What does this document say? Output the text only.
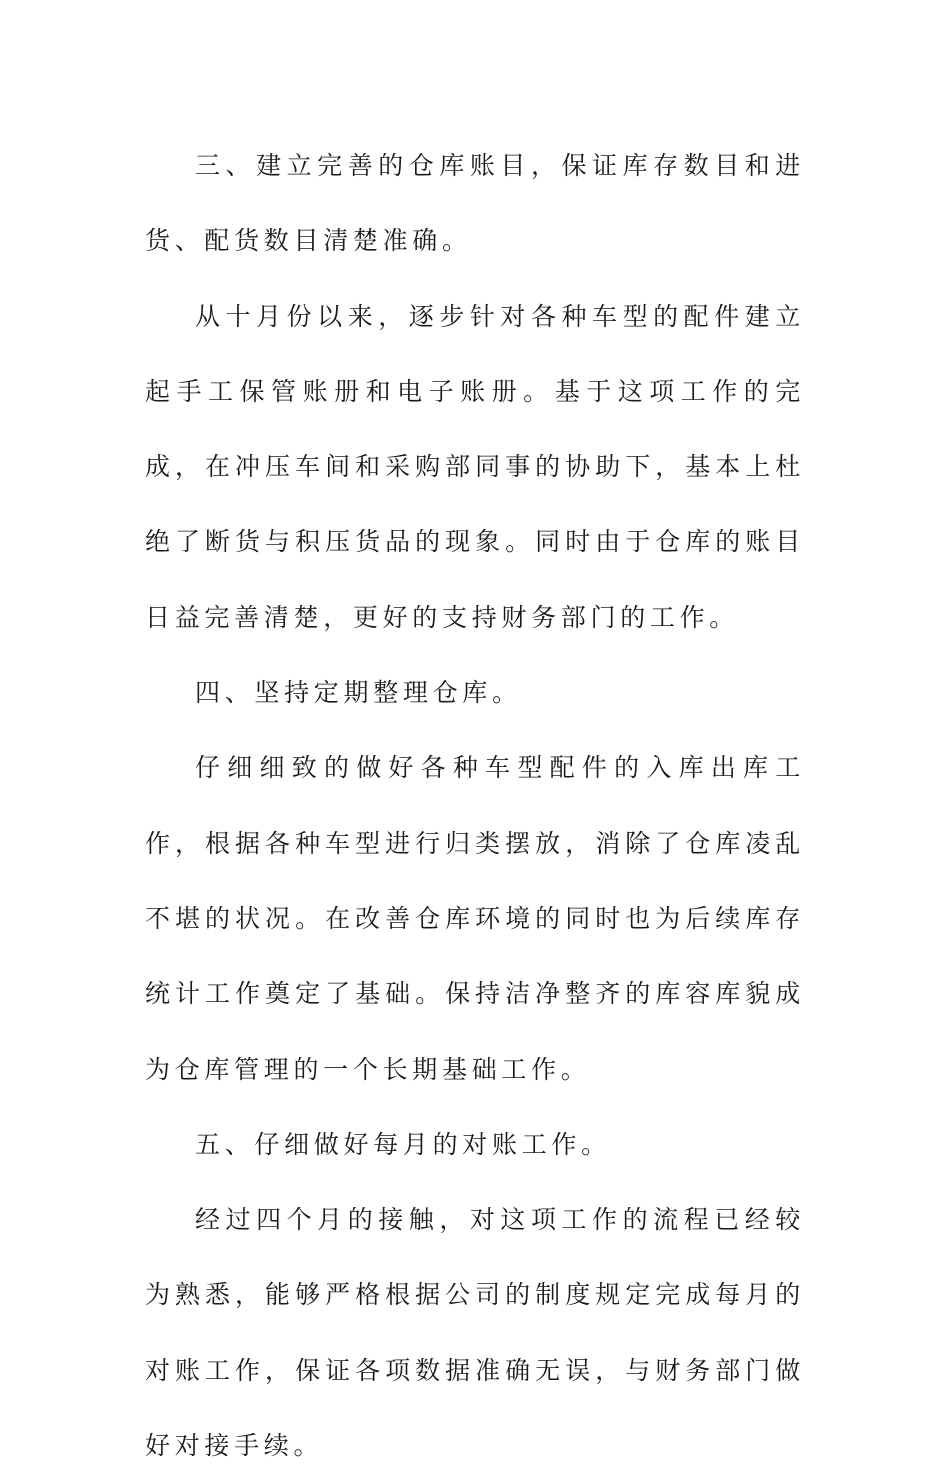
三、建立完善的仓库账目，保证库存数目和进货、配货数目清楚准确。

从十月份以来，逐步针对各种车型的配件建立起手工保管账册和电子账册。基于这项工作的完成，在冲压车间和采购部同事的协助下，基本上杜绝了断货与积压货品的现象。同时由于仓库的账目日益完善清楚，更好的支持财务部门的工作。

四、坚持定期整理仓库。

仔细细致的做好各种车型配件的入库出库工作，根据各种车型进行归类摆放，消除了仓库凌乱不堪的状况。在改善仓库环境的同时也为后续库存统计工作奠定了基础。保持洁净整齐的库容库貌成为仓库管理的一个长期基础工作。

五、仔细做好每月的对账工作。

经过四个月的接触，对这项工作的流程已经较为熟悉，能够严格根据公司的制度规定完成每月的对账工作，保证各项数据准确无误，与财务部门做好对接手续。
